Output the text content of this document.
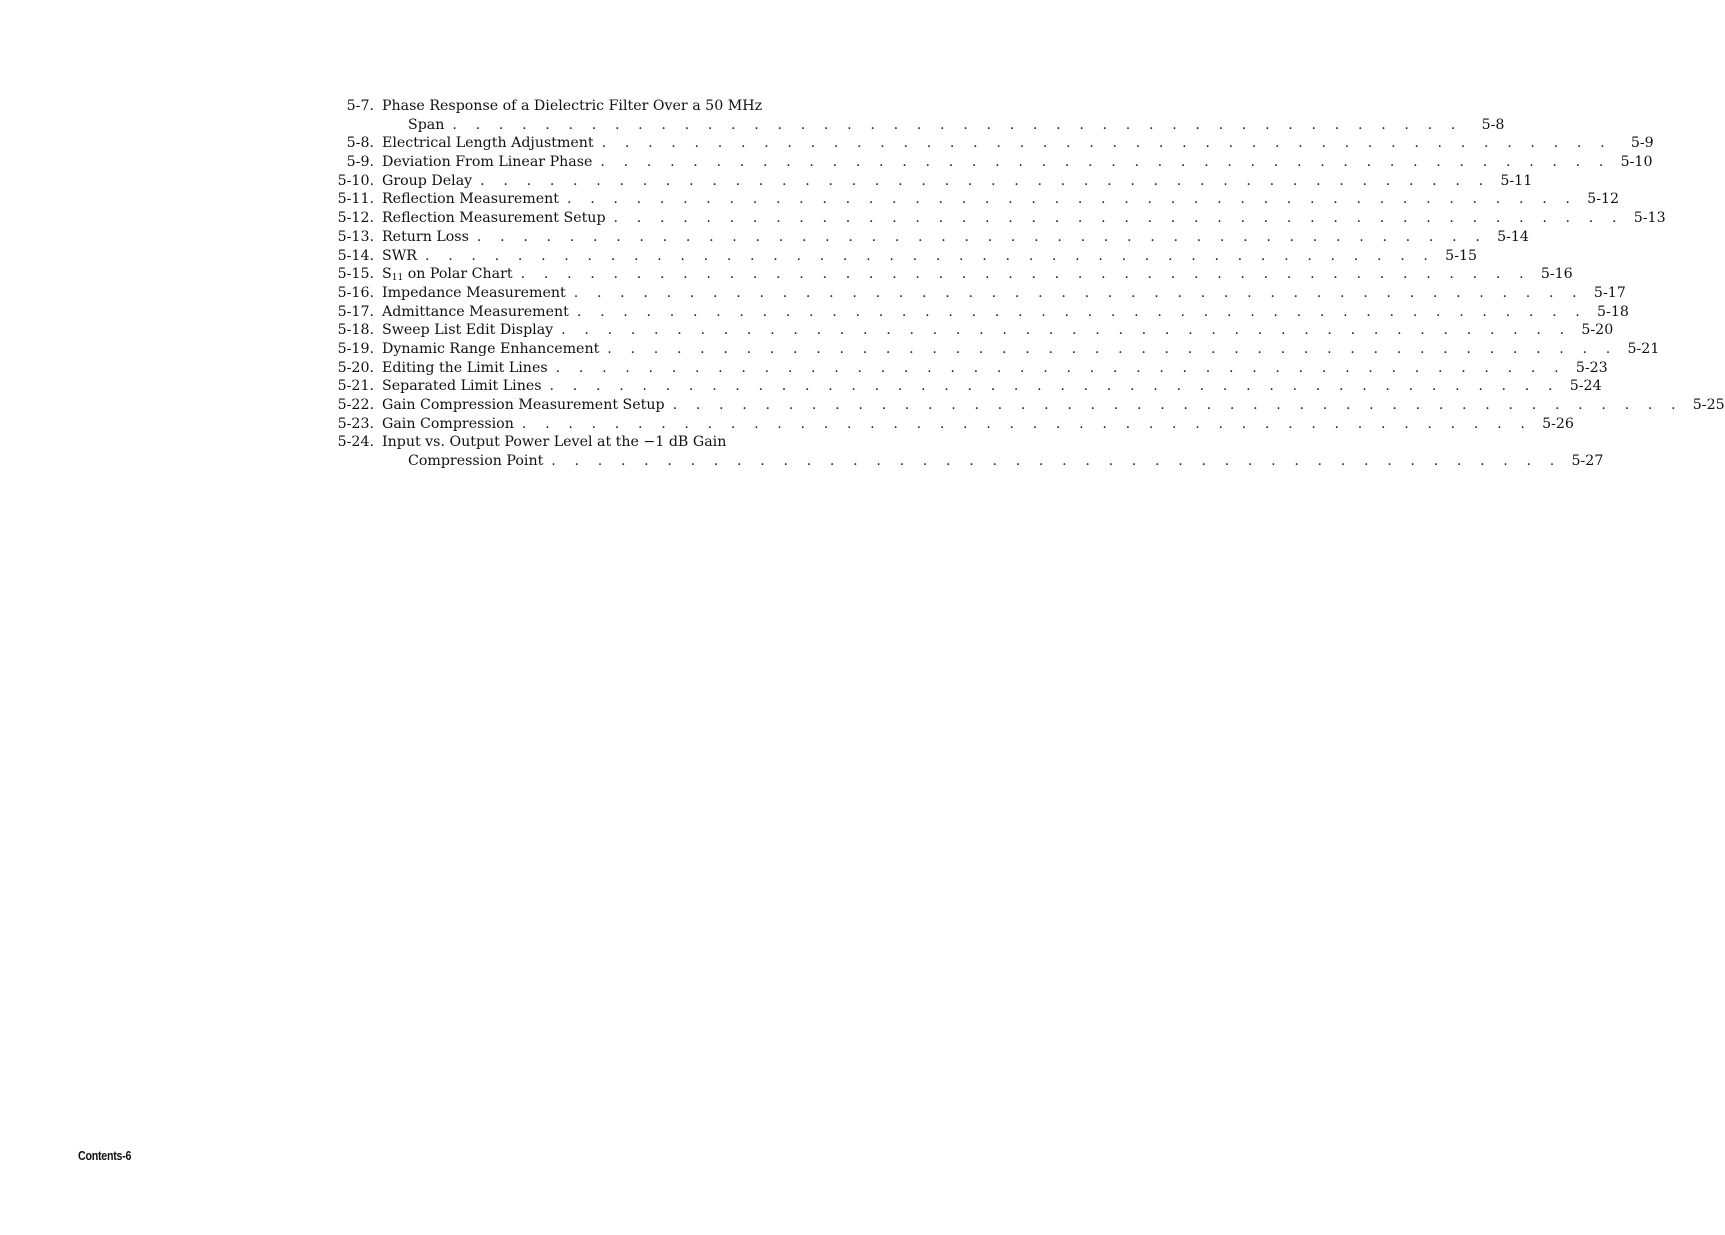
5-7. Phase Response of a Dielectric Filter Over a 50 MHz
Span . . . . . . . . . . . . . . . . . . . . . . . . . . . . . . . . . . . . . . . . . . . .	5-8
5-8. Electrical Length Adjustment . . . . . . . . . . . . . . . . . . . . . . . . . . . . . . . . . . . . . . . . . . . .	5-9
5-9. Deviation From Linear Phase . . . . . . . . . . . . . . . . . . . . . . . . . . . . . . . . . . . . . . . . . . . . 5-10
5-10. Group Delay . . . . . . . . . . . . . . . . . . . . . . . . . . . . . . . . . . . . . . . . . . . . 5-11
5-11. Reflection Measurement . . . . . . . . . . . . . . . . . . . . . . . . . . . . . . . . . . . . . . . . . . . . 5-12
5-12. Reflection Measurement Setup . . . . . . . . . . . . . . . . . . . . . . . . . . . . . . . . . . . . . . . . . . . . 5-13
5-13. Return Loss . . . . . . . . . . . . . . . . . . . . . . . . . . . . . . . . . . . . . . . . . . . . 5-14
5-14. SWR . . . . . . . . . . . . . . . . . . . . . . . . . . . . . . . . . . . . . . . . . . . . 5-15
5-15. $S_{11}$ on Polar Chart . . . . . . . . . . . . . . . . . . . . . . . . . . . . . . . . . . . . . . . . . . . . 5-16
5-16. Impedance Measurement . . . . . . . . . . . . . . . . . . . . . . . . . . . . . . . . . . . . . . . . . . . . 5-17
5-17. Admittance Measurement . . . . . . . . . . . . . . . . . . . . . . . . . . . . . . . . . . . . . . . . . . . . 5-18
5-18. Sweep List Edit Display . . . . . . . . . . . . . . . . . . . . . . . . . . . . . . . . . . . . . . . . . . . . 5-20
5-19. Dynamic Range Enhancement . . . . . . . . . . . . . . . . . . . . . . . . . . . . . . . . . . . . . . . . . . . . 5-21
5-20. Editing the Limit Lines . . . . . . . . . . . . . . . . . . . . . . . . . . . . . . . . . . . . . . . . . . . . 5-23
5-21. Separated Limit Lines . . . . . . . . . . . . . . . . . . . . . . . . . . . . . . . . . . . . . . . . . . . . 5-24
5-22. Gain Compression Measurement Setup . . . . . . . . . . . . . . . . . . . . . . . . . . . . . . . . . . . . . . . . . . . . 5-25
5-23. Gain Compression . . . . . . . . . . . . . . . . . . . . . . . . . . . . . . . . . . . . . . . . . . . . 5-26
5-24. Input vs. Output Power Level at the −1 dB Gain
Compression Point . . . . . . . . . . . . . . . . . . . . . . . . . . . . . . . . . . . . . . . . . . . . 5-27
Contents-6
